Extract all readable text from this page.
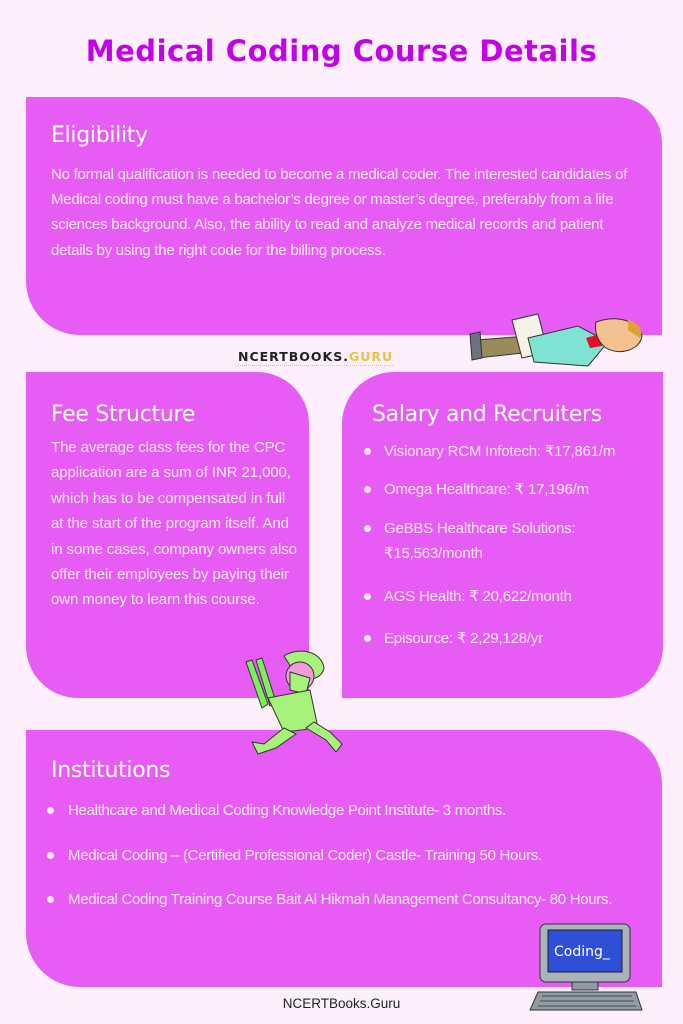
Medical Coding Course Details
Eligibility

No formal qualification is needed to become a medical coder. The interested candidates of Medical coding must have a bachelor’s degree or master’s degree, preferably from a life sciences background. Also, the ability to read and analyze medical records and patient details by using the right code for the billing process.

NCERTBOOKS.GURU
Fee Structure

The average class fees for the CPC application are a sum of INR 21,000, which has to be compensated in full at the start of the program itself. And in some cases, company owners also offer their employees by paying their own money to learn this course.

Salary and Recruiters
Visionary RCM Infotech: ₹17,861/m
Omega Healthcare: ₹ 17,196/m
GeBBS Healthcare Solutions: ₹15,563/month
AGS Health: ₹ 20,622/month
Episource: ₹ 2,29,128/yr
Institutions
Healthcare and Medical Coding Knowledge Point Institute- 3 months.
Medical Coding – (Certified Professional Coder) Castle- Training 50 Hours.
Medical Coding Training Course Bait Al Hikmah Management Consultancy- 80 Hours.
Coding_
NCERTBooks.Guru
